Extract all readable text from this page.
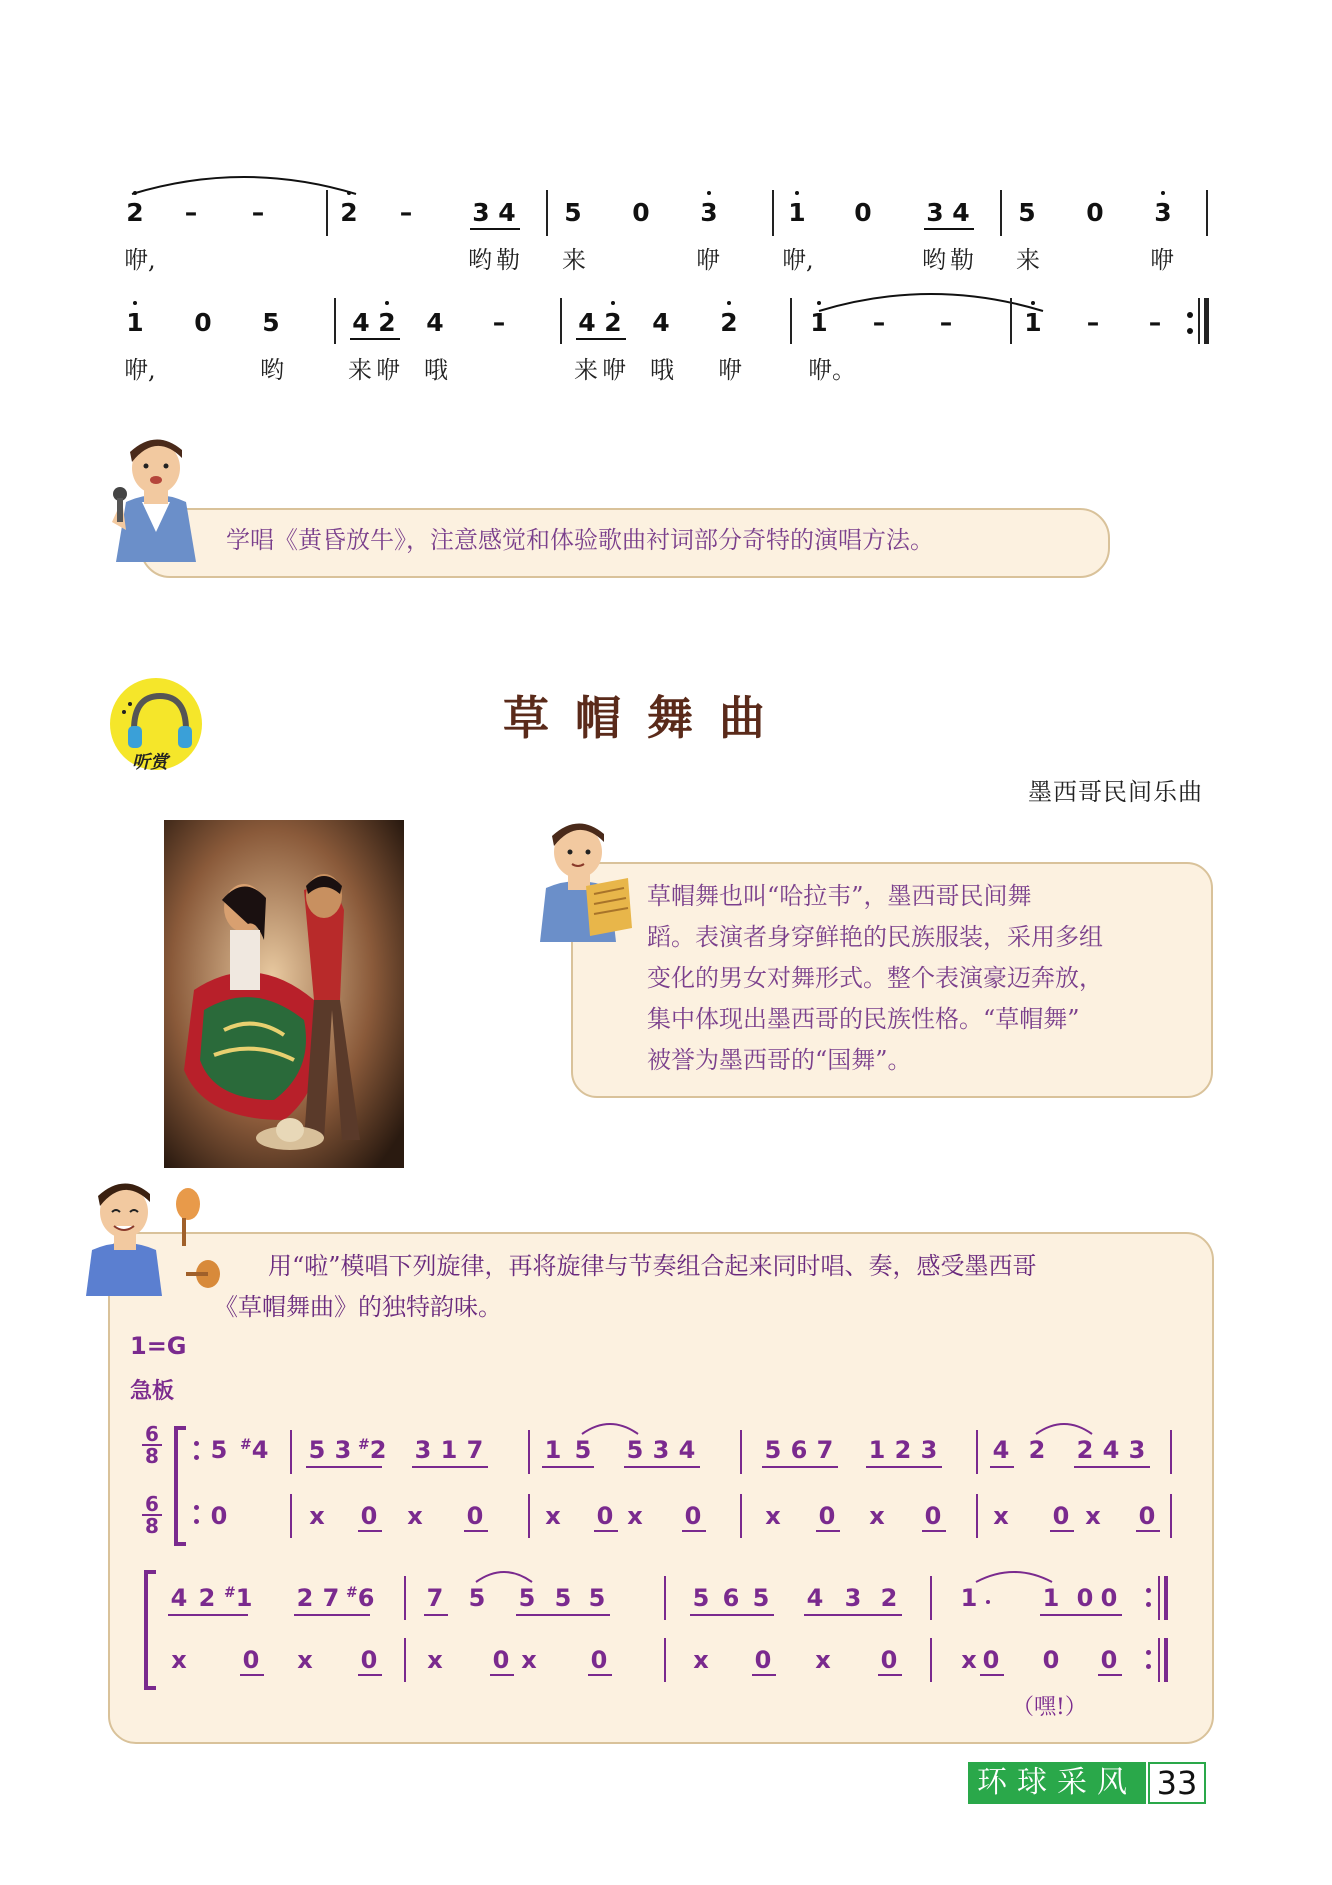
2 – –	2 – 3 4 5 0 3	1 0 3 4 5 0 3
咿,	哟勒 来	咿	咿,	哟勒 来	咿
1 0 5	4 2 4 –	4 2 4 2	1 – –	1 – –
咿,	哟	来咿 哦	来咿 哦 咿	咿。
学唱《黄昏放牛》，注意感觉和体验歌曲衬词部分奇特的演唱方法。
听赏
草帽舞曲
墨西哥民间乐曲
草帽舞也叫“哈拉韦”，墨西哥民间舞
蹈。表演者身穿鲜艳的民族服装，采用多组
变化的男女对舞形式。整个表演豪迈奔放，
集中体现出墨西哥的民族性格。“草帽舞”
被誉为墨西哥的“国舞”。
用“啦”模唱下列旋律，再将旋律与节奏组合起来同时唱、奏，感受墨西哥
《草帽舞曲》的独特韵味。
1=G
急板
6
8
6
8
5 #4 5 3 #2 3 1 7	1 5 5 3 4	5 6 7 1 2 3 4 2 2 4 3
0	x 0 x 0	x 0 x 0	x 0 x 0 x 0 x 0
4 2 #1 2 7 #6 7 5 5 5 5	5 6 5 4 3 2	1	1 0 0
x 0 x 0 x 0 x 0	x 0 x 0	x 0 0 0
（嘿!）
环球采风 33
